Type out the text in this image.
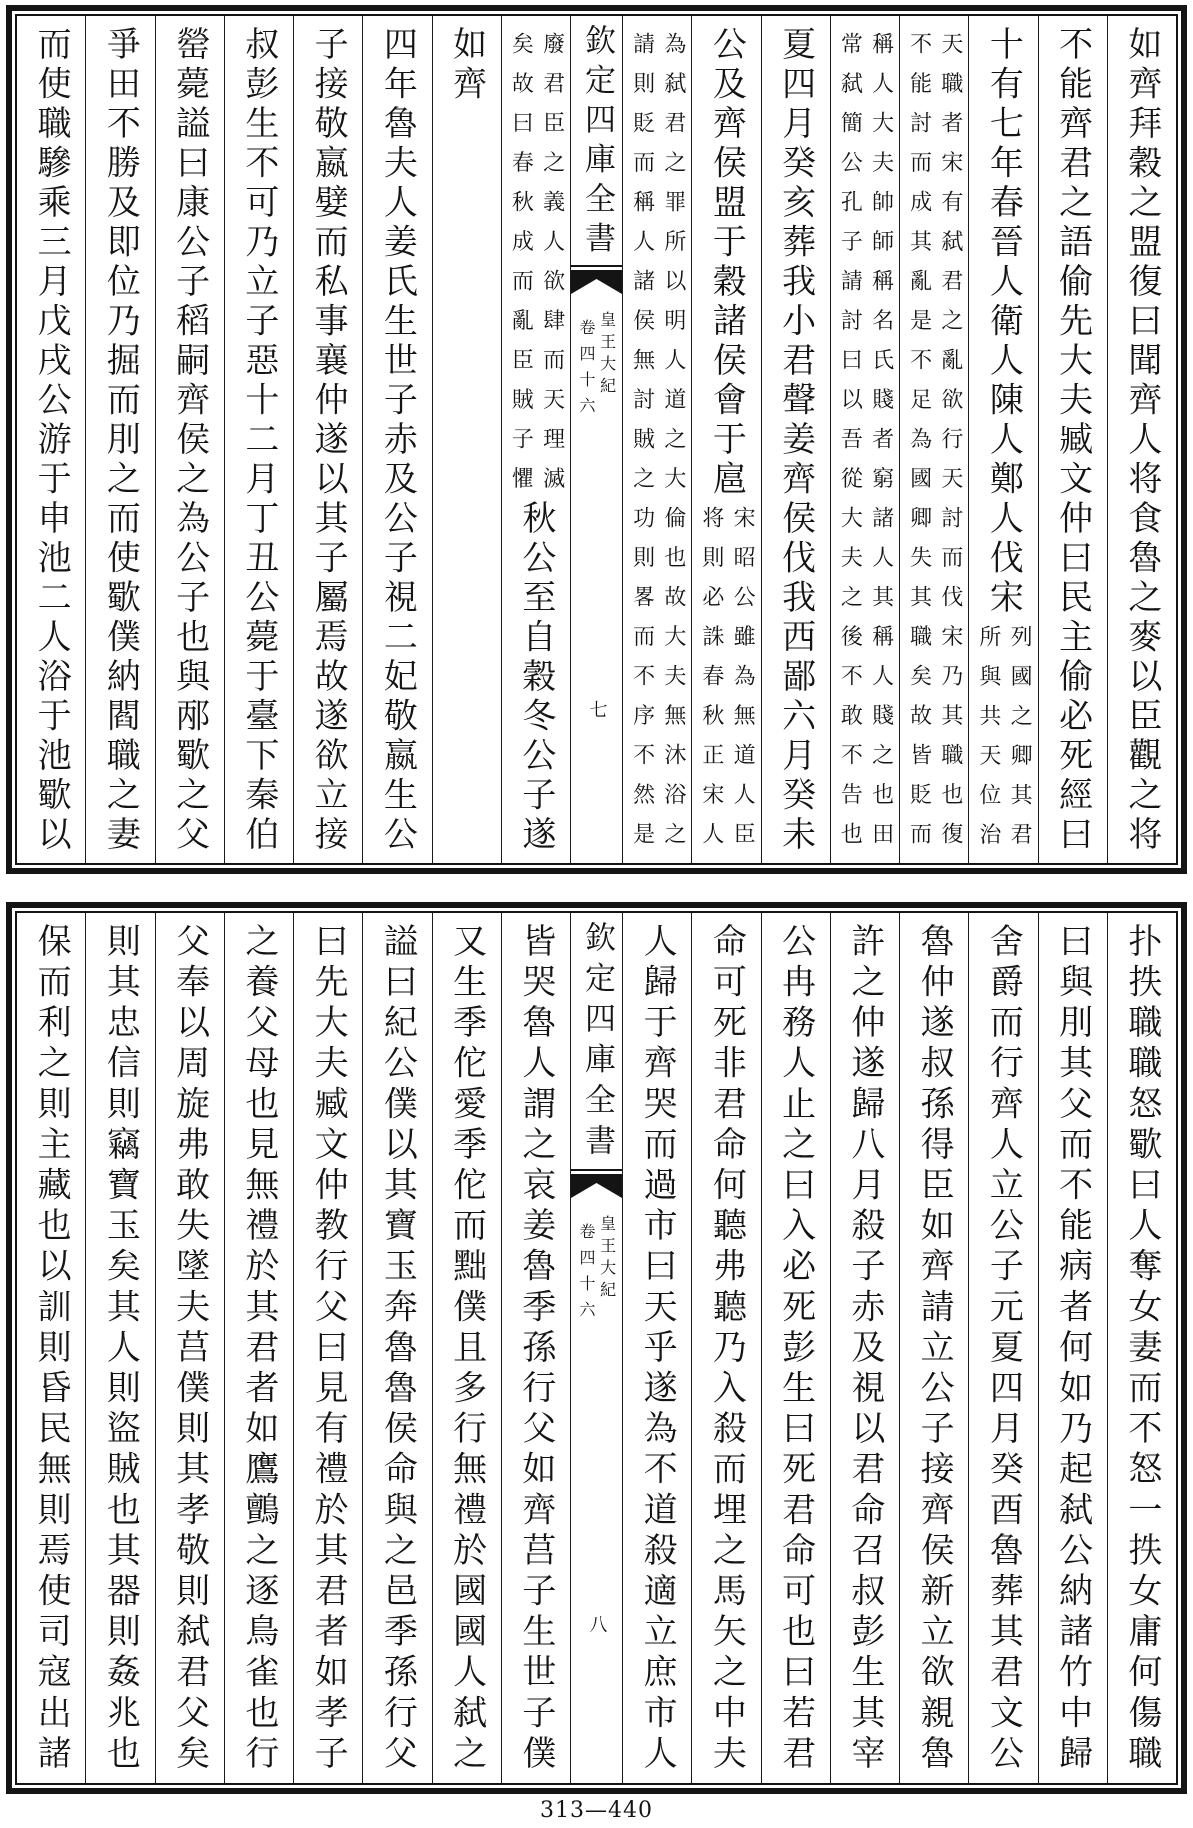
如齊拜穀之盟復曰聞齊人将食魯之麥以臣觀之将
不能齊君之語偷先大夫臧文仲曰民主偷必死經曰
十有七年春晉人衛人陳人鄭人伐宋
列國之卿其君
所與共天位治
天職者宋有弑君之亂欲行天討而伐宋乃其職也復
不能討而成其亂是不足為國卿失其職矣故皆貶而
稱人大夫帥師稱名氏賤者窮諸人其稱人賤之也田
常弑簡公孔子請討曰以吾從大夫之後不敢不告也
夏四月癸亥葬我小君聲姜齊侯伐我西鄙六月癸未
公及齊侯盟于穀諸侯會于扈
宋昭公雖為無道人臣
将則必誅春秋正宋人
為弑君之罪所以明人道之大倫也故大夫無沐浴之
請則貶而稱人諸侯無討賊之功則畧而不序不然是
欽定四庫全書
皇王大紀
卷四十六
七
廢君臣之義人欲肆而天理滅
矣故曰春秋成而亂臣賊子懼
秋公至自穀冬公子遂
如齊
四年魯夫人姜氏生世子赤及公子視二妃敬嬴生公
子接敬嬴嬖而私事襄仲遂以其子屬焉故遂欲立接
叔彭生不可乃立子惡十二月丁丑公薨于臺下秦伯
罃薨謚曰康公子稻嗣齊侯之為公子也與邴歜之父
爭田不勝及即位乃掘而刖之而使歜僕納閻職之妻
而使職驂乘三月戊戌公游于申池二人浴于池歜以
扑抶職職怒歜曰人奪女妻而不怒一抶女庸何傷職
曰與刖其父而不能病者何如乃起弑公納諸竹中歸
舍爵而行齊人立公子元夏四月癸酉魯葬其君文公
魯仲遂叔孫得臣如齊請立公子接齊侯新立欲親魯
許之仲遂歸八月殺子赤及視以君命召叔彭生其宰
公冉務人止之曰入必死彭生曰死君命可也曰若君
命可死非君命何聽弗聽乃入殺而埋之馬矢之中夫
人歸于齊哭而過市曰天乎遂為不道殺適立庶市人
欽定四庫全書
皇王大紀
卷四十六
八
皆哭魯人謂之哀姜魯季孫行父如齊莒子生世子僕
又生季佗愛季佗而黜僕且多行無禮於國國人弑之
謚曰紀公僕以其寶玉奔魯魯侯命與之邑季孫行父
曰先大夫臧文仲教行父曰見有禮於其君者如孝子
之養父母也見無禮於其君者如鷹鸇之逐鳥雀也行
父奉以周旋弗敢失墜夫莒僕則其孝敬則弑君父矣
則其忠信則竊寶玉矣其人則盜賊也其器則姦兆也
保而利之則主藏也以訓則昏民無則焉使司寇出諸
313—440
